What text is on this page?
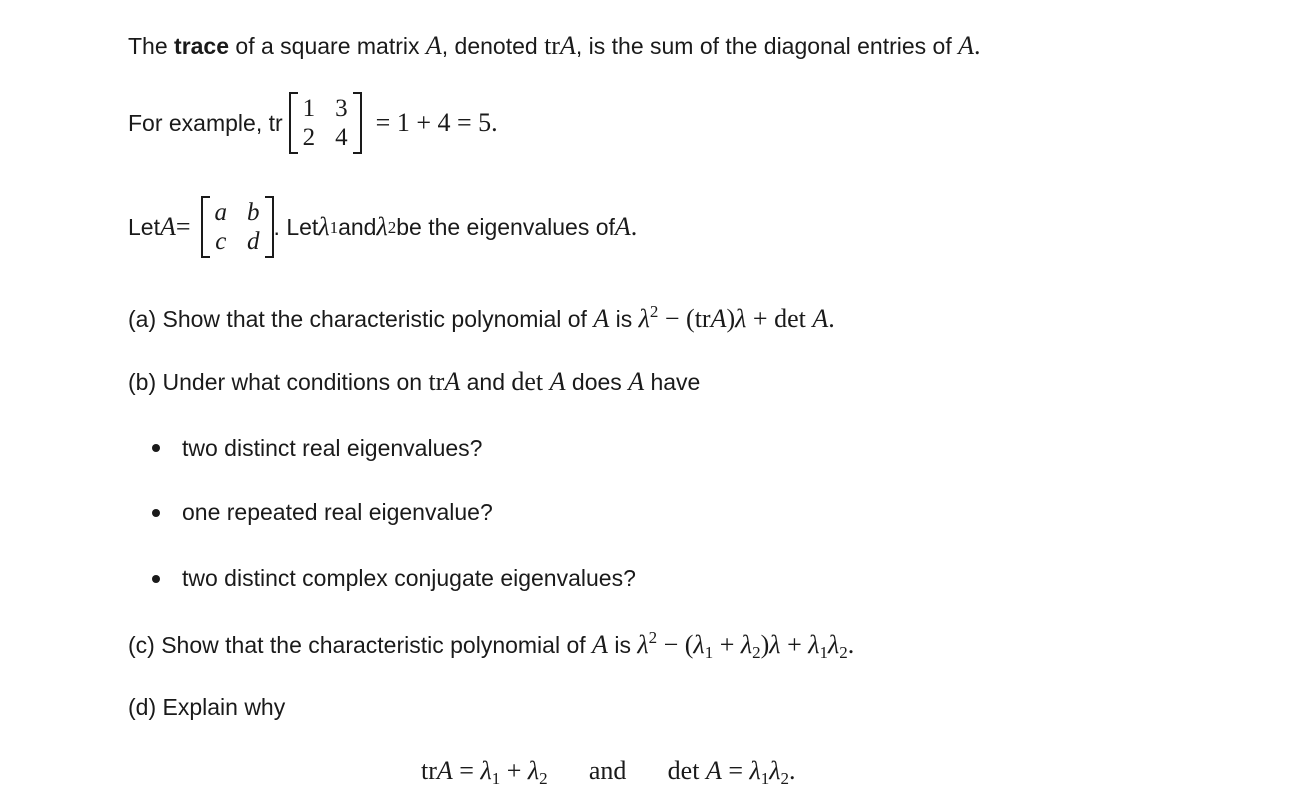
The trace of a square matrix A, denoted trA, is the sum of the diagonal entries of A.
For example, tr
1 3
2 4
= 1 + 4 = 5.
Let A = a b
c d
. Let λ 1 and λ 2 be the eigenvalues of A .
(a) Show that the characteristic polynomial of A is $\lambda^2 - (trA)\lambda + \det A$.
(b) Under what conditions on trA and det A does A have
two distinct real eigenvalues?
one repeated real eigenvalue?
two distinct complex conjugate eigenvalues?
(c) Show that the characteristic polynomial of A is $\lambda^2 - (\lambda_1 + \lambda_2)\lambda + \lambda_1\lambda_2$.
(d) Explain why
trA = $\lambda_1 + \lambda_2$ and $\det A = \lambda_1\lambda_2$.
